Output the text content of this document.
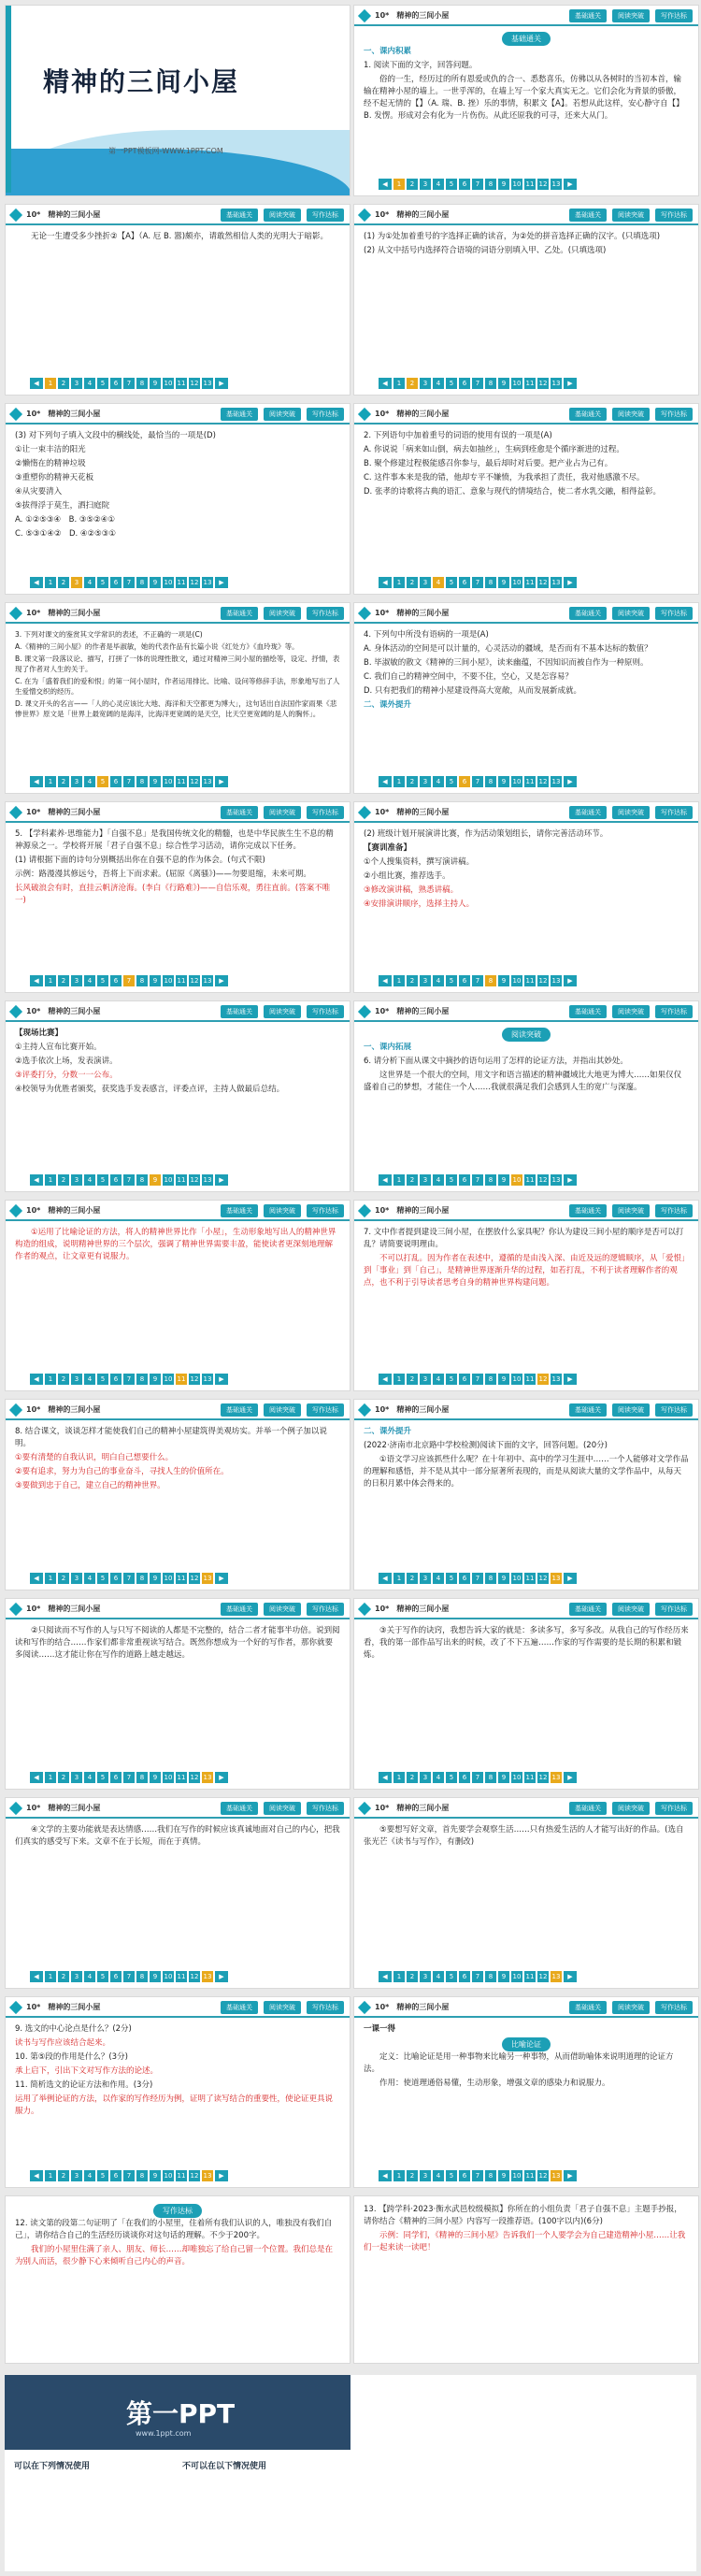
精神的三间小屋
第一PPT模板网-WWW.1PPT.COM
10*　精神的三间小屋	基础通关	阅读突破	写作达标
基础通关

一、课内积累

1. 阅读下面的文字，回答问题。

俗的一生，经历过的所有恩爱或仇的合一、悉愁喜乐，仿佛以从各树时的当初本首，输输在精神小屋的墙上。一世乎浑的，在墙上写一个家大真实无之。它们会化为背景的骄傲，经不起无情的【】（A. 瑞、B. 挫）乐的事情，积累文【A】。若想从此这样，安心静守自【】B. 发愣。形成对会有化为一片伤伤。从此还原我的可寻，还来大从门。

◀	1	2	3	4	5	6	7	8	9	10 11 12 13	▶
10*　精神的三间小屋	基础通关	阅读突破	写作达标

无论一生遭受多少挫折②【A】（A. 厄 B. 嚣)颇亦，请敢然相信人类的光明大于暗影。

◀	1	2	3	4	5	6	7	8	9	10 11 12 13	▶
10*　精神的三间小屋	基础通关	阅读突破	写作达标

(1) 为①处加着重号的字选择正确的读音，为②处的拼音选择正确的汉字。(只填选项)

(2) 从文中括号内选择符合语境的词语分别填入甲、乙处。(只填选项)

◀	1	2	3	4	5	6	7	8	9	10 11 12 13	▶
10*　精神的三间小屋	基础通关	阅读突破	写作达标

(3) 对下列句子填入文段中的横线处，最恰当的一项是(D)

①让一束丰洁的阳光

②懒惰在的精神垃圾

③重塑你的精神天花板

④从灾要清入

⑤拔得浮于莫生，洒扫庭院

A. ①②⑤③④　B. ③⑤②④①

C. ⑤③①④②　D. ④②⑤③①

◀	1	2	3	4	5	6	7	8	9	10 11 12 13	▶
10*　精神的三间小屋	基础通关	阅读突破	写作达标

2. 下列语句中加着重号的词语的使用有误的一项是(A)

A. 你说说「病来如山倒，病去如抽丝」，生病到痊愈是个循序渐进的过程。

B. 聚个修建过程极能感召你参与，最后却时对后要。把产业占为己有。

C. 这件事本来是我的错，他却专平不嫌愤，为我承担了责任，我对他感激不尽。

D. 张孝的诗歌将古典的语汇、意象与现代的情境结合，使二者水乳交融，相得益彰。

◀	1	2	3	4	5	6	7	8	9	10 11 12 13	▶
10*　精神的三间小屋	基础通关	阅读突破	写作达标

3. 下列对课文的鉴赏其文学常识的表述，不正确的一项是(C)

A.《精神的三间小屋》的作者是毕淑敏，她的代表作品有长篇小说《红处方》《血玲珑》等。

B. 课文第一段落议论、描写，打拼了一体的说理性散文，通过对精神三间小屋的描绘等，设定、抒情，表现了作者对人生的关于。

C. 在为「盛着我们的爱和恨」的第一间小屋时，作者运用排比、比喻、设问等修辞手法，形象地写出了人生爱憎交织的经历。

D. 课文开头的名言——「人的心灵应该比大地、海洋和天空都更为博大」，这句话出自法国作家雨果《悲惨世界》原文是「世界上最宽阔的是海洋，比海洋更宽阔的是天空，比天空更宽阔的是人的胸怀」。

◀	1	2	3	4	5	6	7	8	9	10 11 12 13	▶
10*　精神的三间小屋	基础通关	阅读突破	写作达标

4. 下列句中所没有语病的一项是(A)

A. 身体活动的空间是可以计量的，心灵活动的疆域，是否而有不基本达标的数值？

B. 毕淑敏的散文《精神的三间小屋》，读来幽蕴，不因知识而被自作为一种原则。

C. 我们自己的精神空间中，不要不住，空心，又是怎容易？

D. 只有把我们的精神小屋建设得高大宽敞，从而发展新成就。

二、课外提升

◀	1	2	3	4	5	6	7	8	9	10 11 12 13	▶
10*　精神的三间小屋	基础通关	阅读突破	写作达标

5. 【学科素养·思维能力】「自强不息」是我国传统文化的精髓，也是中华民族生生不息的精神源泉之一。学校将开展「君子自强不息」综合性学习活动，请你完成以下任务。

(1) 请根据下面的诗句分别概括出你在自强不息的作为体会。(句式不限)

示例：路漫漫其修远兮，吾将上下而求索。(屈原《离骚》)——勿要退缩，未来可期。

长风破浪会有时，直挂云帆济沧海。(李白《行路难》)——自信乐观，勇往直前。(答案不唯一)

◀	1	2	3	4	5	6	7	8	9	10 11 12 13	▶
10*　精神的三间小屋	基础通关	阅读突破	写作达标

(2) 班级计划开展演讲比赛，作为活动策划组长，请你完善活动环节。

【赛训准备】

①个人搜集资料，撰写演讲稿。

②小组比赛，推荐选手。

③修改演讲稿，熟悉讲稿。

④安排演讲顺序，选择主持人。

◀	1	2	3	4	5	6	7	8	9	10 11 12 13	▶
10*　精神的三间小屋	基础通关	阅读突破	写作达标

【现场比赛】

①主持人宣布比赛开始。

②选手依次上场，发表演讲。

③评委打分，分数一一公布。

④校领导为优胜者颁奖，获奖选手发表感言，评委点评，主持人做最后总结。

◀	1	2	3	4	5	6	7	8	9	10 11 12 13	▶
10*　精神的三间小屋	基础通关	阅读突破	写作达标
阅读突破

一、课内拓展

6. 请分析下面从课文中摘抄的语句运用了怎样的论证方法，并指出其妙处。

这世界是一个很大的空间，用文字和语言描述的精神疆域比大地更为博大……如果仅仅盛着自己的梦想，才能住一个人……我就很满足我们会感到人生的宽广与深邃。

◀	1	2	3	4	5	6	7	8	9	10 11 12 13	▶
10*　精神的三间小屋	基础通关	阅读突破	写作达标

①运用了比喻论证的方法，将人的精神世界比作「小屋」，生动形象地写出人的精神世界构造的组成，说明精神世界的三个层次，强调了精神世界需要丰盈，能使读者更深刻地理解作者的观点，让文章更有说服力。

◀	1	2	3	4	5	6	7	8	9	10 11 12 13	▶
10*　精神的三间小屋	基础通关	阅读突破	写作达标

7. 文中作者提到建设三间小屋，在摆放什么家具呢？你认为建设三间小屋的顺序是否可以打乱？请简要说明理由。

不可以打乱。因为作者在表述中，遵循的是由浅入深、由近及远的逻辑顺序，从「爱恨」到「事业」到「自己」，是精神世界逐渐升华的过程，如若打乱，不利于读者理解作者的观点，也不利于引导读者思考自身的精神世界构建问题。

◀	1	2	3	4	5	6	7	8	9	10 11 12 13	▶
10*　精神的三间小屋	基础通关	阅读突破	写作达标

8. 结合课文，谈谈怎样才能使我们自己的精神小屋建筑得美观坊实。并举一个例子加以说明。

①要有清楚的自我认识，明白自己想要什么。

②要有追求，努力为自己的事业奋斗，寻找人生的价值所在。

③要做到忠于自己，建立自己的精神世界。

◀	1	2	3	4	5	6	7	8	9	10 11 12 13	▶
10*　精神的三间小屋	基础通关	阅读突破	写作达标

二、课外提升

(2022·济南市北京路中学校检测)阅读下面的文字，回答问题。(20分)

①语文学习应该抓些什么呢？在十年初中、高中的学习生涯中……一个人能够对文学作品的理解和感悟，并不是从其中一部分原著所表现的，而是从阅读大量的文学作品中，从每天的日积月累中体会得来的。

◀	1	2	3	4	5	6	7	8	9	10 11 12 13	▶
10*　精神的三间小屋	基础通关	阅读突破	写作达标

②只阅读而不写作的人与只写不阅读的人都是不完整的，结合二者才能事半功倍。说到阅读和写作的结合……作家们都非常重视读写结合。既然你想成为一个好的写作者，那你就要多阅读……这才能让你在写作的道路上越走越远。

◀	1	2	3	4	5	6	7	8	9	10 11 12 13	▶
10*　精神的三间小屋	基础通关	阅读突破	写作达标

③关于写作的诀窍，我想告诉大家的就是：多读多写，多写多改。从我自己的写作经历来看，我的第一部作品写出来的时候，改了不下五遍……作家的写作需要的是长期的积累和锻炼。

◀	1	2	3	4	5	6	7	8	9	10 11 12 13	▶
10*　精神的三间小屋	基础通关	阅读突破	写作达标

④文学的主要功能就是表达情感……我们在写作的时候应该真诚地面对自己的内心，把我们真实的感受写下来。文章不在于长短，而在于真情。

◀	1	2	3	4	5	6	7	8	9	10 11 12 13	▶
10*　精神的三间小屋	基础通关	阅读突破	写作达标

⑤要想写好文章，首先要学会观察生活……只有热爱生活的人才能写出好的作品。(选自张光芒《读书与写作》，有删改)

◀	1	2	3	4	5	6	7	8	9	10 11 12 13	▶
10*　精神的三间小屋	基础通关	阅读突破	写作达标

9. 选文的中心论点是什么？(2分)

读书与写作应该结合起来。

10. 第⑤段的作用是什么？(3分)

承上启下，引出下文对写作方法的论述。

11. 简析选文的论证方法和作用。(3分)

运用了举例论证的方法，以作家的写作经历为例，证明了读写结合的重要性，使论证更具说服力。

◀	1	2	3	4	5	6	7	8	9	10 11 12 13	▶
10*　精神的三间小屋	基础通关	阅读突破	写作达标

一课一得

比喻论证

定义：比喻论证是用一种事物来比喻另一种事物，从而借助喻体来说明道理的论证方法。

作用：使道理通俗易懂，生动形象，增强文章的感染力和说服力。

◀	1	2	3	4	5	6	7	8	9	10 11 12 13	▶
写作达标

12. 读文第的段第二句证明了「在我们的小屋里，住着所有我们认识的人，唯独没有我们自己」，请你结合自己的生活经历谈谈你对这句话的理解。不少于200字。

我们的小屋里住满了亲人、朋友、师长……却唯独忘了给自己留一个位置。我们总是在为别人而活，很少静下心来倾听自己内心的声音。

13. 【跨学科·2023·衡水武邑校级模拟】你所在的小组负责「君子自强不息」主题手抄报，请你结合《精神的三间小屋》内容写一段推荐语。(100字以内)(6分)

示例：同学们，《精神的三间小屋》告诉我们一个人要学会为自己建造精神小屋……让我们一起来读一读吧！

第一PPT
www.1ppt.com
可以在下列情况使用	不可以在以下情况使用
